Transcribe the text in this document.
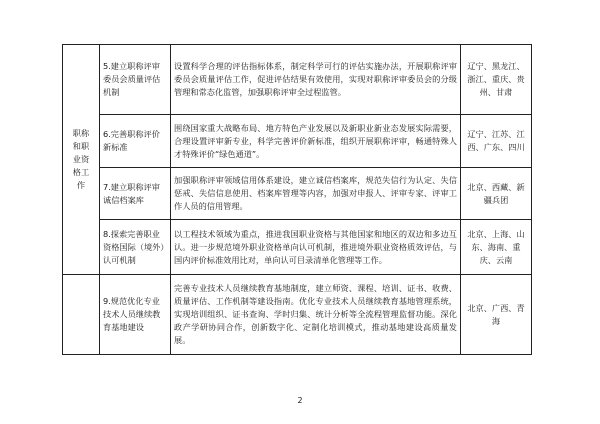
职称和职业资格工作	5.建立职称评审委员会质量评估机制	设置科学合理的评估指标体系，制定科学可行的评估实施办法，开展职称评审委员会质量评估工作，促进评估结果有效使用，实现对职称评审委员会的分级管理和常态化监管，加强职称评审全过程监管。	辽宁、黑龙江、浙江、重庆、贵州、甘肃

	6.完善职称评价新标准	围绕国家重大战略布局、地方特色产业发展以及新职业新业态发展实际需要，合理设置评审新专业，科学完善评价新标准，组织开展职称评审，畅通特殊人才特殊评价“绿色通道”。	辽宁、江苏、江西、广东、四川

	7.建立职称评审诚信档案库	加强职称评审领域信用体系建设，建立诚信档案库，规范失信行为认定、失信惩戒、失信信息使用、档案库管理等内容，加强对申报人、评审专家、评审工作人员的信用管理。	北京、西藏、新疆兵团

	8.探索完善职业资格国际（境外）认可机制	以工程技术领域为重点，推进我国职业资格与其他国家和地区的双边和多边互认。进一步规范境外职业资格单向认可机制，推进境外职业资格质效评估，与国内评价标准效用比对，单向认可目录清单化管理等工作。	北京、上海、山东、海南、重庆、云南

	9.规范优化专业技术人员继续教育基地建设	完善专业技术人员继续教育基地制度，建立师资、课程、培训、证书、收费、质量评估、工作机制等建设指南。优化专业技术人员继续教育基地管理系统，实现培训组织、证书查询、学时归集、统计分析等全流程管理监督功能。深化政产学研协同合作，创新数字化、定制化培训模式，推动基地建设高质量发展。	北京、广西、青海
2
